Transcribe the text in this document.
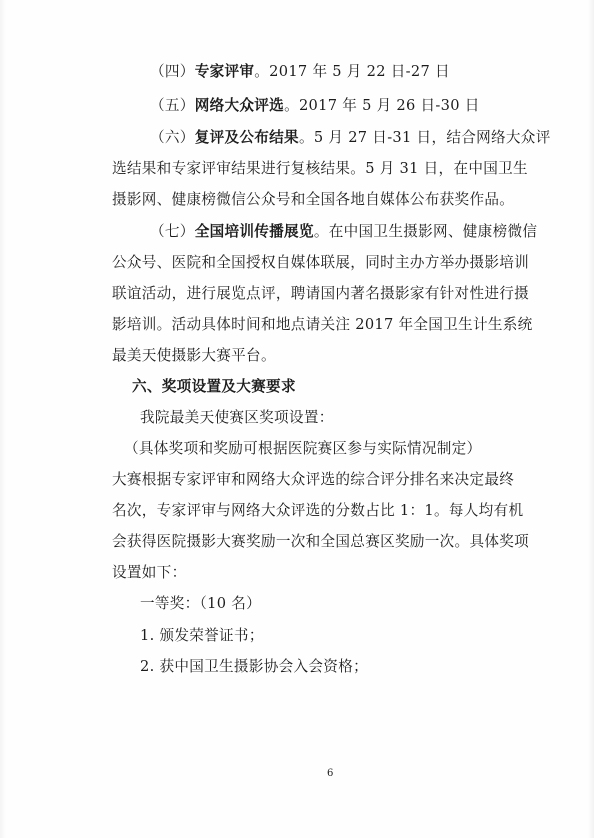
（四）专家评审。2017 年 5 月 22 日-27 日
（五）网络大众评选。2017 年 5 月 26 日-30 日
（六）复评及公布结果。5 月 27 日-31 日，结合网络大众评
选结果和专家评审结果进行复核结果。5 月 31 日，在中国卫生
摄影网、健康榜微信公众号和全国各地自媒体公布获奖作品。
（七）全国培训传播展览。在中国卫生摄影网、健康榜微信
公众号、医院和全国授权自媒体联展，同时主办方举办摄影培训
联谊活动，进行展览点评，聘请国内著名摄影家有针对性进行摄
影培训。活动具体时间和地点请关注 2017 年全国卫生计生系统
最美天使摄影大赛平台。
六、奖项设置及大赛要求
我院最美天使赛区奖项设置：
（具体奖项和奖励可根据医院赛区参与实际情况制定）
大赛根据专家评审和网络大众评选的综合评分排名来决定最终
名次，专家评审与网络大众评选的分数占比 1：1。每人均有机
会获得医院摄影大赛奖励一次和全国总赛区奖励一次。具体奖项
设置如下：
一等奖：（10 名）
1. 颁发荣誉证书；
2. 获中国卫生摄影协会入会资格；
6
